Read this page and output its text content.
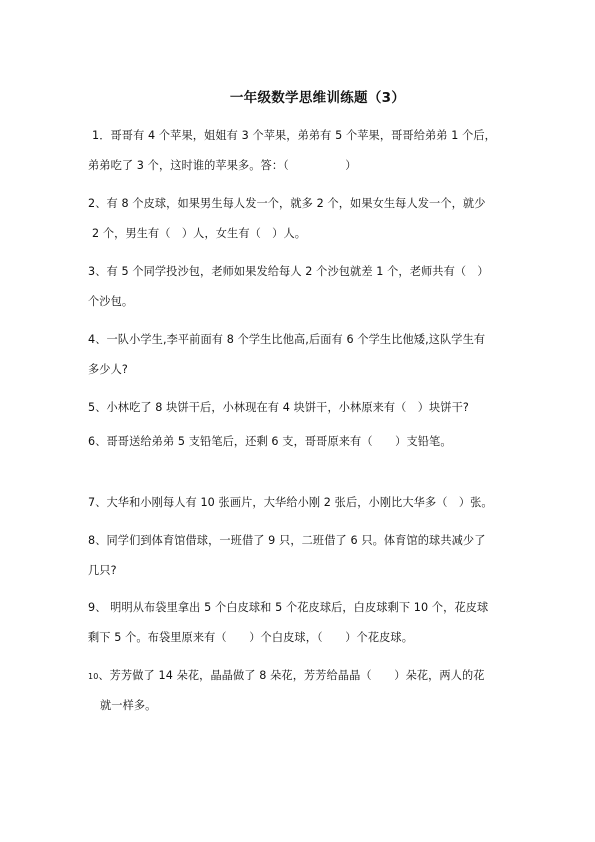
一年级数学思维训练题（3）
1．哥哥有 4 个苹果，姐姐有 3 个苹果，弟弟有 5 个苹果，哥哥给弟弟 1 个后，
弟弟吃了 3 个，这时谁的苹果多。答：（　　　　　）
2、有 8 个皮球，如果男生每人发一个，就多 2 个，如果女生每人发一个，就少
2 个，男生有（　）人，女生有（　）人。
3、有 5 个同学投沙包，老师如果发给每人 2 个沙包就差 1 个，老师共有（　）
个沙包。
4、一队小学生,李平前面有 8 个学生比他高,后面有 6 个学生比他矮,这队学生有
多少人?
5、小林吃了 8 块饼干后，小林现在有 4 块饼干，小林原来有（　）块饼干?
6、哥哥送给弟弟 5 支铅笔后，还剩 6 支，哥哥原来有（　　）支铅笔。
7、大华和小刚每人有 10 张画片，大华给小刚 2 张后，小刚比大华多（　）张。
8、同学们到体育馆借球，一班借了 9 只，二班借了 6 只。体育馆的球共减少了
几只?
9、 明明从布袋里拿出 5 个白皮球和 5 个花皮球后，白皮球剩下 10 个，花皮球
剩下 5 个。布袋里原来有（　　）个白皮球，（　　）个花皮球。
10、芳芳做了 14 朵花，晶晶做了 8 朵花，芳芳给晶晶（　　）朵花，两人的花
就一样多。
